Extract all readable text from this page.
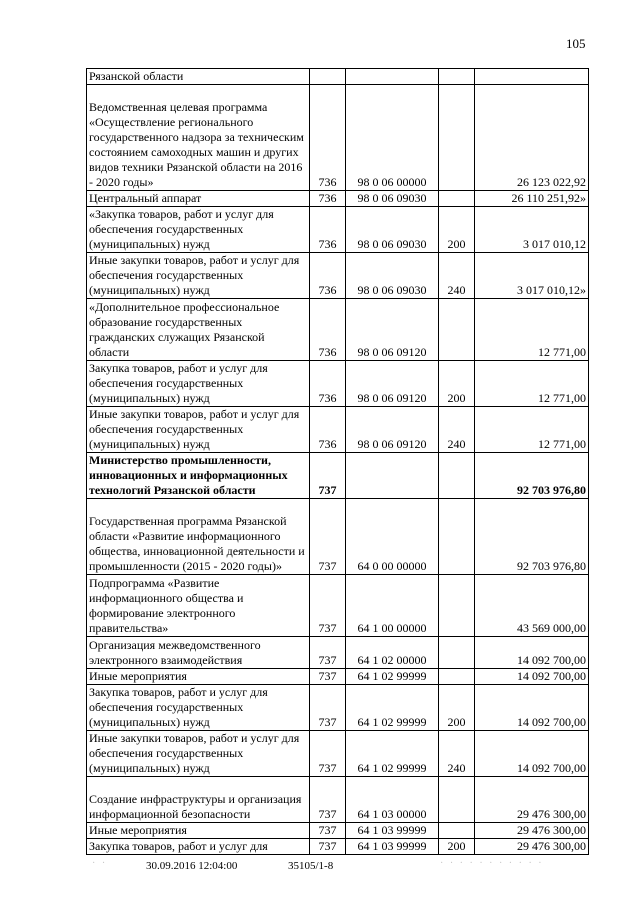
105
Рязанской области				
Ведомственная целевая программа «Осуществление регионального государственного надзора за техническим состоянием самоходных машин и других видов техники Рязанской области на 2016 - 2020 годы»	736	98 0 06 00000		26 123 022,92
Центральный аппарат	736	98 0 06 09030		26 110 251,92»
«Закупка товаров, работ и услуг для обеспечения государственных (муниципальных) нужд	736	98 0 06 09030	200	3 017 010,12
Иные закупки товаров, работ и услуг для обеспечения государственных (муниципальных) нужд	736	98 0 06 09030	240	3 017 010,12»
«Дополнительное профессиональное образование государственных гражданских служащих Рязанской области	736	98 0 06 09120		12 771,00
Закупка товаров, работ и услуг для обеспечения государственных (муниципальных) нужд	736	98 0 06 09120	200	12 771,00
Иные закупки товаров, работ и услуг для обеспечения государственных (муниципальных) нужд	736	98 0 06 09120	240	12 771,00
Министерство промышленности, инновационных и информационных технологий Рязанской области	737			92 703 976,80
Государственная программа Рязанской области «Развитие информационного общества, инновационной деятельности и промышленности (2015 - 2020 годы)»	737	64 0 00 00000		92 703 976,80
Подпрограмма «Развитие информационного общества и формирование электронного правительства»	737	64 1 00 00000		43 569 000,00
Организация межведомственного электронного взаимодействия	737	64 1 02 00000		14 092 700,00
Иные мероприятия	737	64 1 02 99999		14 092 700,00
Закупка товаров, работ и услуг для обеспечения государственных (муниципальных) нужд	737	64 1 02 99999	200	14 092 700,00
Иные закупки товаров, работ и услуг для обеспечения государственных (муниципальных) нужд	737	64 1 02 99999	240	14 092 700,00
Создание инфраструктуры и организация информационной безопасности	737	64 1 03 00000		29 476 300,00
Иные мероприятия	737	64 1 03 99999		29 476 300,00
Закупка товаров, работ и услуг для	737	64 1 03 99999	200	29 476 300,00
30.09.2016 12:04:00	35105/1-8
· ·	· · · · · · · · · · ·
